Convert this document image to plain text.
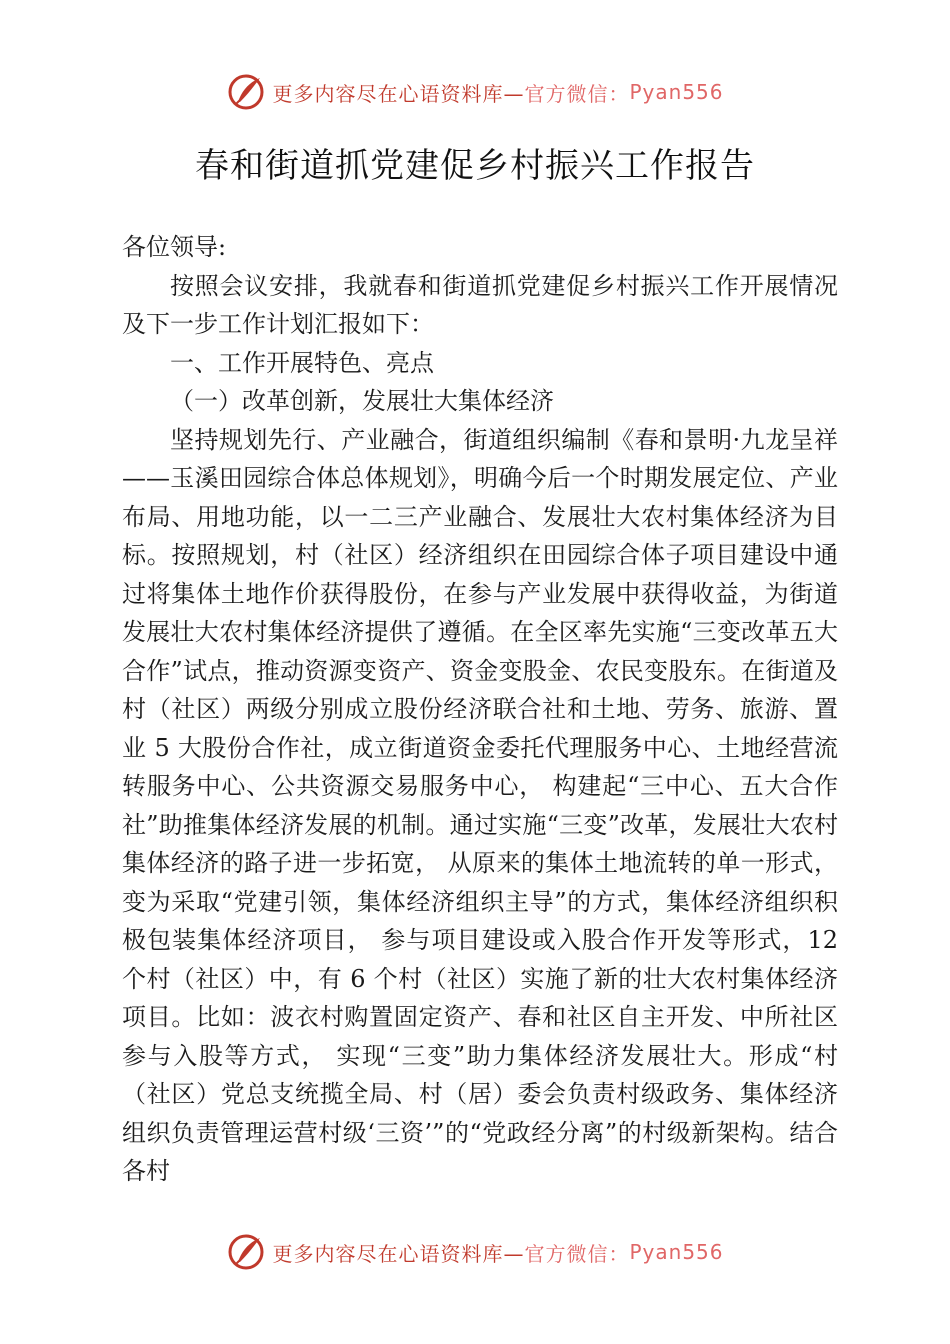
更多内容尽在心语资料库— 官方微信： Pyan556
春和街道抓党建促乡村振兴工作报告

各位领导:

按照会议安排，我就春和街道抓党建促乡村振兴工作开展情况及下一步工作计划汇报如下：

一、工作开展特色、亮点

（一）改革创新，发展壮大集体经济

坚持规划先行、产业融合，街道组织编制《春和景明·九龙呈祥——玉溪田园综合体总体规划》，明确今后一个时期发展定位、产业布局、用地功能，以一二三产业融合、发展壮大农村集体经济为目标。按照规划，村（社区）经济组织在田园综合体子项目建设中通过将集体土地作价获得股份，在参与产业发展中获得收益，为街道发展壮大农村集体经济提供了遵循。在全区率先实施“三变改革五大合作”试点，推动资源变资产、资金变股金、农民变股东。在街道及村（社区）两级分别成立股份经济联合社和土地、劳务、旅游、置业 5 大股份合作社，成立街道资金委托代理服务中心、土地经营流转服务中心、公共资源交易服务中心， 构建起“三中心、五大合作社”助推集体经济发展的机制。通过实施“三变”改革，发展壮大农村集体经济的路子进一步拓宽， 从原来的集体土地流转的单一形式，变为采取“党建引领，集体经济组织主导”的方式，集体经济组织积极包装集体经济项目， 参与项目建设或入股合作开发等形式，12 个村（社区）中，有 6 个村（社区）实施了新的壮大农村集体经济项目。比如：波衣村购置固定资产、春和社区自主开发、中所社区参与入股等方式， 实现“三变”助力集体经济发展壮大。形成“村（社区）党总支统揽全局、村（居）委会负责村级政务、集体经济组织负责管理运营村级‘三资’”的“党政经分离”的村级新架构。结合各村

更多内容尽在心语资料库— 官方微信： Pyan556
